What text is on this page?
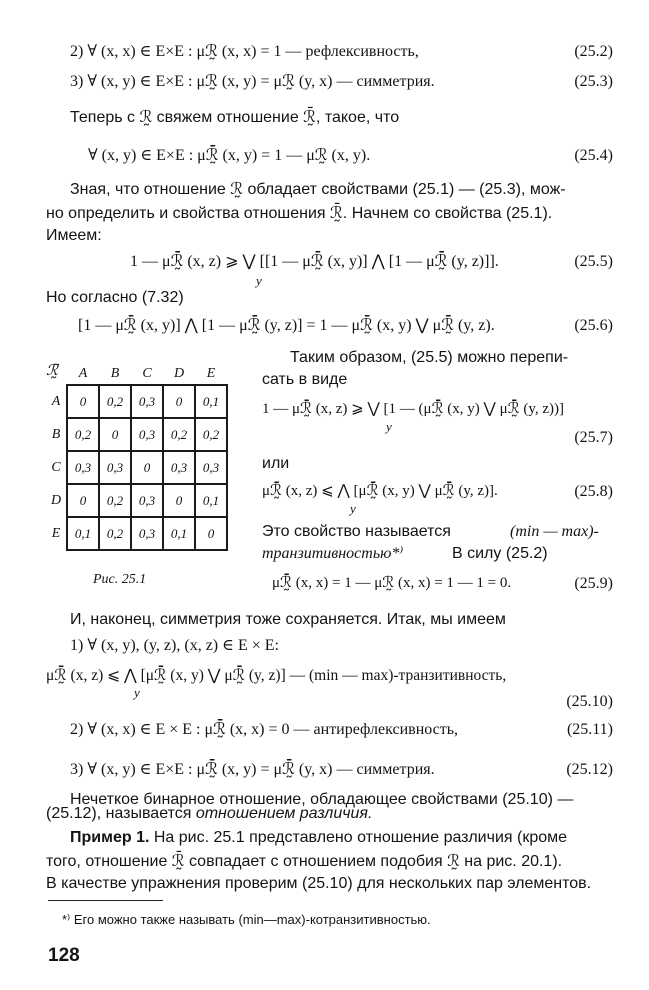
2) ∀ (x, x) ∈ E×E : μℛ̰ (x, x) = 1 — рефлексивность,	(25.2)
3) ∀ (x, y) ∈ E×E : μℛ̰ (x, y) = μℛ̰ (y, x) — симметрия.	(25.3)
Теперь с ℛ̰ свяжем отношение ℛ̰̄, такое, что
∀ (x, y) ∈ E×E : μℛ̰̄ (x, y) = 1 — μℛ̰ (x, y).	(25.4)
Зная, что отношение ℛ̰ обладает свойствами (25.1) — (25.3), мож-
но определить и свойства отношения ℛ̰̄. Начнем со свойства (25.1).
Имеем:
1 — μℛ̰̄ (x, z) ⩾ ⋁ [[1 — μℛ̰̄ (x, y)] ⋀ [1 — μℛ̰̄ (y, z)]].
y
(25.5)
Но согласно (7.32)
[1 — μℛ̰̄ (x, y)] ⋀ [1 — μℛ̰̄ (y, z)] = 1 — μℛ̰̄ (x, y) ⋁ μℛ̰̄ (y, z).	(25.6)
ℛ̰̄
	A	B	C	D	E
A	0	0,2	0,3	0	0,1
B	0,2	0	0,3	0,2	0,2
C	0,3	0,3	0	0,3	0,3
D	0	0,2	0,3	0	0,1
E	0,1	0,2	0,3	0,1	0
Рис. 25.1
Таким образом, (25.5) можно перепи-
сать в виде
1 — μℛ̰̄ (x, z) ⩾ ⋁ [1 — (μℛ̰̄ (x, y) ⋁ μℛ̰̄ (y, z))]
y
(25.7)
или
μℛ̰̄ (x, z) ⩽ ⋀ [μℛ̰̄ (x, y) ⋁ μℛ̰̄ (y, z)].
y
(25.8)
Это свойство называется	(min — max)-
транзитивностью*⁾	В силу (25.2)
μℛ̰̄ (x, x) = 1 — μℛ̰ (x, x) = 1 — 1 = 0.	(25.9)
И, наконец, симметрия тоже сохраняется. Итак, мы имеем
1) ∀ (x, y), (y, z), (x, z) ∈ E × E:
μℛ̰̄ (x, z) ⩽ ⋀ [μℛ̰̄ (x, y) ⋁ μℛ̰̄ (y, z)] — (min — max)-транзитивность,
y
(25.10)
2) ∀ (x, x) ∈ E × E : μℛ̰̄ (x, x) = 0 — антирефлексивность,	(25.11)
3) ∀ (x, y) ∈ E×E : μℛ̰̄ (x, y) = μℛ̰̄ (y, x) — симметрия.	(25.12)
Нечеткое бинарное отношение, обладающее свойствами (25.10) —
(25.12), называется отношением различия.
Пример 1. На рис. 25.1 представлено отношение различия (кроме
того, отношение ℛ̰̄ совпадает с отношением подобия ℛ̰ на рис. 20.1).
В качестве упражнения проверим (25.10) для нескольких пар элементов.
*⁾ Его можно также называть (min—max)-котранзитивностью.
128
